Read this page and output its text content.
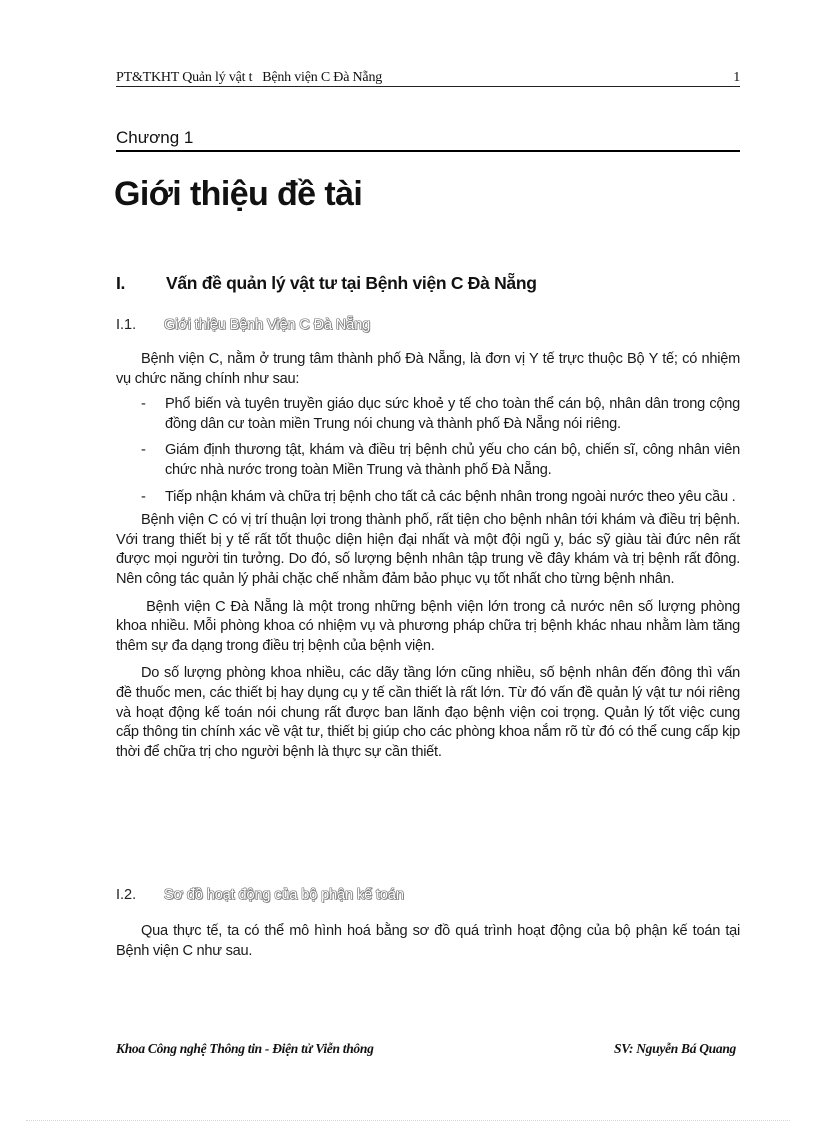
PT&TKHT Quản lý vật t   Bệnh viện C Đà Nẵng	1
Chương 1
Giới thiệu đề tài
I.	Vấn đề quản lý vật tư tại Bệnh viện C Đà Nẵng
I.1.	Giới thiệu Bệnh Viện C Đà Nẵng

Bệnh viện C, nằm ở trung tâm thành phố Đà Nẵng, là đơn vị Y tế trực thuộc Bộ Y tế; có nhiệm vụ chức năng chính như sau:

- Phổ biến và tuyên truyền giáo dục sức khoẻ y tế cho toàn thể cán bộ, nhân dân trong cộng đồng dân cư toàn miền Trung nói chung và thành phố Đà Nẵng nói riêng.
- Giám định thương tật, khám và điều trị bệnh chủ yếu cho cán bộ, chiến sĩ, công nhân viên chức nhà nước trong toàn Miền Trung và thành phố Đà Nẵng.
- Tiếp nhận khám và chữa trị bệnh cho tất cả các bệnh nhân trong ngoài nước theo yêu cầu .

Bệnh viện C có vị trí thuận lợi trong thành phố, rất tiện cho bệnh nhân tới khám và điều trị bệnh. Với trang thiết bị y tế rất tốt thuộc diện hiện đại nhất và một đội ngũ y, bác sỹ giàu tài đức nên rất được mọi người tin tưởng. Do đó, số lượng bệnh nhân tập trung về đây khám và trị bệnh rất đông. Nên công tác quản lý phải chặc chế nhằm đảm bảo phục vụ tốt nhất cho từng bệnh nhân.

Bệnh viện C Đà Nẵng là một trong những bệnh viện lớn trong cả nước nên số lượng phòng khoa nhiều. Mỗi phòng khoa có nhiệm vụ và phương pháp chữa trị bệnh khác nhau nhằm làm tăng thêm sự đa dạng trong điều trị bệnh của bệnh viện.

Do số lượng phòng khoa nhiều, các dãy tầng lớn cũng nhiều, số bệnh nhân đến đông thì vấn đề thuốc men, các thiết bị hay dụng cụ y tế cần thiết là rất lớn. Từ đó vấn đề quản lý vật tư nói riêng và hoạt động kế toán nói chung rất được ban lãnh đạo bệnh viện coi trọng. Quản lý tốt việc cung cấp thông tin chính xác về vật tư, thiết bị giúp cho các phòng khoa nắm rõ từ đó có thể cung cấp kịp thời để chữa trị cho người bệnh là thực sự cần thiết.

I.2.	Sơ đồ hoạt động của bộ phận kế toán

Qua thực tế, ta có thể mô hình hoá bằng sơ đồ quá trình hoạt động của bộ phận kế toán tại Bệnh viện C như sau.

Khoa Công nghệ Thông tin - Điện tử Viễn thông	SV: Nguyễn Bá Quang
